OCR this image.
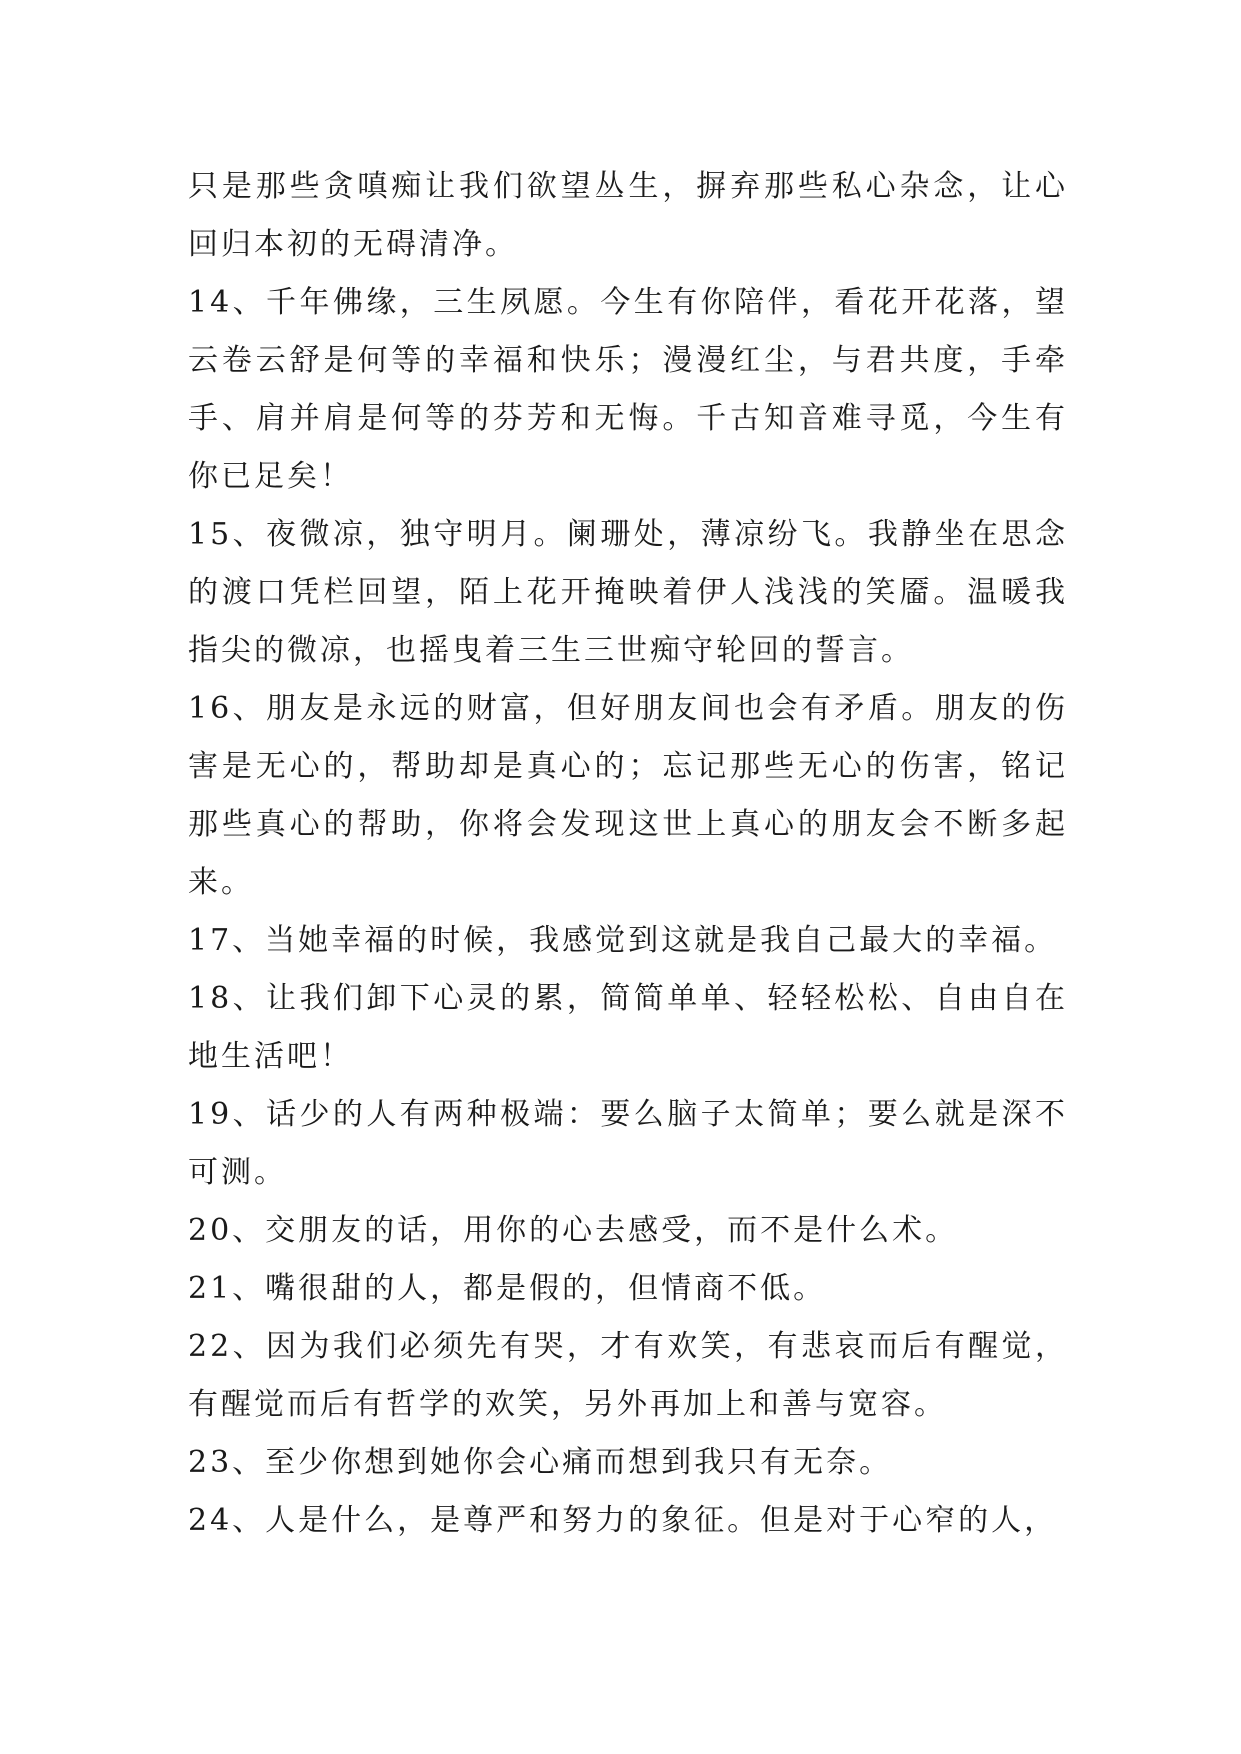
只是那些贪嗔痴让我们欲望丛生，摒弃那些私心杂念，让心回归本初的无碍清净。

14、千年佛缘，三生夙愿。今生有你陪伴，看花开花落，望云卷云舒是何等的幸福和快乐；漫漫红尘，与君共度，手牵手、肩并肩是何等的芬芳和无悔。千古知音难寻觅，今生有你已足矣！

15、夜微凉，独守明月。阑珊处，薄凉纷飞。我静坐在思念的渡口凭栏回望，陌上花开掩映着伊人浅浅的笑靥。温暖我指尖的微凉，也摇曳着三生三世痴守轮回的誓言。

16、朋友是永远的财富，但好朋友间也会有矛盾。朋友的伤害是无心的，帮助却是真心的；忘记那些无心的伤害，铭记那些真心的帮助，你将会发现这世上真心的朋友会不断多起来。

17、当她幸福的时候，我感觉到这就是我自己最大的幸福。

18、让我们卸下心灵的累，简简单单、轻轻松松、自由自在地生活吧！

19、话少的人有两种极端：要么脑子太简单；要么就是深不可测。

20、交朋友的话，用你的心去感受，而不是什么术。

21、嘴很甜的人，都是假的，但情商不低。

22、因为我们必须先有哭，才有欢笑，有悲哀而后有醒觉，有醒觉而后有哲学的欢笑，另外再加上和善与宽容。

23、至少你想到她你会心痛而想到我只有无奈。

24、人是什么，是尊严和努力的象征。但是对于心窄的人，
